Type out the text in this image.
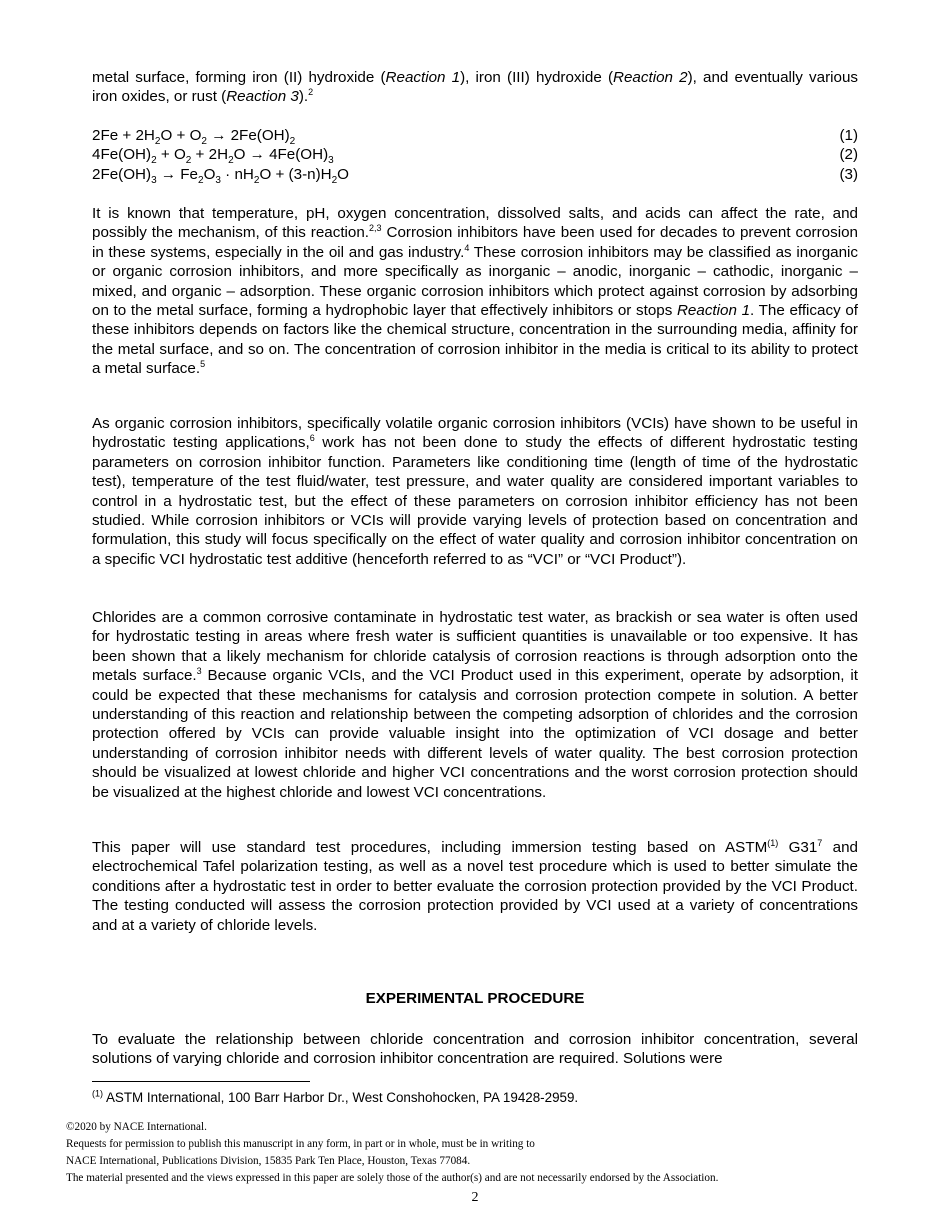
metal surface, forming iron (II) hydroxide (Reaction 1), iron (III) hydroxide (Reaction 2), and eventually various iron oxides, or rust (Reaction 3).$^2$

$2Fe + 2H_2O + O_2 \to 2Fe(OH)_2$	(1)
$4Fe(OH)_2 + O_2 + 2H_2O \to 4Fe(OH)_3$	(2)
$2Fe(OH)_3 \to Fe_2O_3 \cdot nH_2O + (3-n)H_2O$	(3)

It is known that temperature, pH, oxygen concentration, dissolved salts, and acids can affect the rate, and possibly the mechanism, of this reaction.$^{2,3}$ Corrosion inhibitors have been used for decades to prevent corrosion in these systems, especially in the oil and gas industry.$^4$ These corrosion inhibitors may be classified as inorganic or organic corrosion inhibitors, and more specifically as inorganic – anodic, inorganic – cathodic, inorganic – mixed, and organic – adsorption. These organic corrosion inhibitors which protect against corrosion by adsorbing on to the metal surface, forming a hydrophobic layer that effectively inhibitors or stops Reaction 1. The efficacy of these inhibitors depends on factors like the chemical structure, concentration in the surrounding media, affinity for the metal surface, and so on. The concentration of corrosion inhibitor in the media is critical to its ability to protect a metal surface.$^5$

As organic corrosion inhibitors, specifically volatile organic corrosion inhibitors (VCIs) have shown to be useful in hydrostatic testing applications,$^6$ work has not been done to study the effects of different hydrostatic testing parameters on corrosion inhibitor function. Parameters like conditioning time (length of time of the hydrostatic test), temperature of the test fluid/water, test pressure, and water quality are considered important variables to control in a hydrostatic test, but the effect of these parameters on corrosion inhibitor efficiency has not been studied. While corrosion inhibitors or VCIs will provide varying levels of protection based on concentration and formulation, this study will focus specifically on the effect of water quality and corrosion inhibitor concentration on a specific VCI hydrostatic test additive (henceforth referred to as “VCI” or “VCI Product”).

Chlorides are a common corrosive contaminate in hydrostatic test water, as brackish or sea water is often used for hydrostatic testing in areas where fresh water is sufficient quantities is unavailable or too expensive. It has been shown that a likely mechanism for chloride catalysis of corrosion reactions is through adsorption onto the metals surface.$^3$ Because organic VCIs, and the VCI Product used in this experiment, operate by adsorption, it could be expected that these mechanisms for catalysis and corrosion protection compete in solution. A better understanding of this reaction and relationship between the competing adsorption of chlorides and the corrosion protection offered by VCIs can provide valuable insight into the optimization of VCI dosage and better understanding of corrosion inhibitor needs with different levels of water quality. The best corrosion protection should be visualized at lowest chloride and higher VCI concentrations and the worst corrosion protection should be visualized at the highest chloride and lowest VCI concentrations.

This paper will use standard test procedures, including immersion testing based on ASTM$^{(1)}$ $G31^7$ and electrochemical Tafel polarization testing, as well as a novel test procedure which is used to better simulate the conditions after a hydrostatic test in order to better evaluate the corrosion protection provided by the VCI Product. The testing conducted will assess the corrosion protection provided by VCI used at a variety of concentrations and at a variety of chloride levels.

EXPERIMENTAL PROCEDURE

To evaluate the relationship between chloride concentration and corrosion inhibitor concentration, several solutions of varying chloride and corrosion inhibitor concentration are required. Solutions were

$^{(1)}$ ASTM International, 100 Barr Harbor Dr., West Conshohocken, PA 19428-2959.

©2020 by NACE International.

Requests for permission to publish this manuscript in any form, in part or in whole, must be in writing to

NACE International, Publications Division, 15835 Park Ten Place, Houston, Texas 77084.

The material presented and the views expressed in this paper are solely those of the author(s) and are not necessarily endorsed by the Association.

2
